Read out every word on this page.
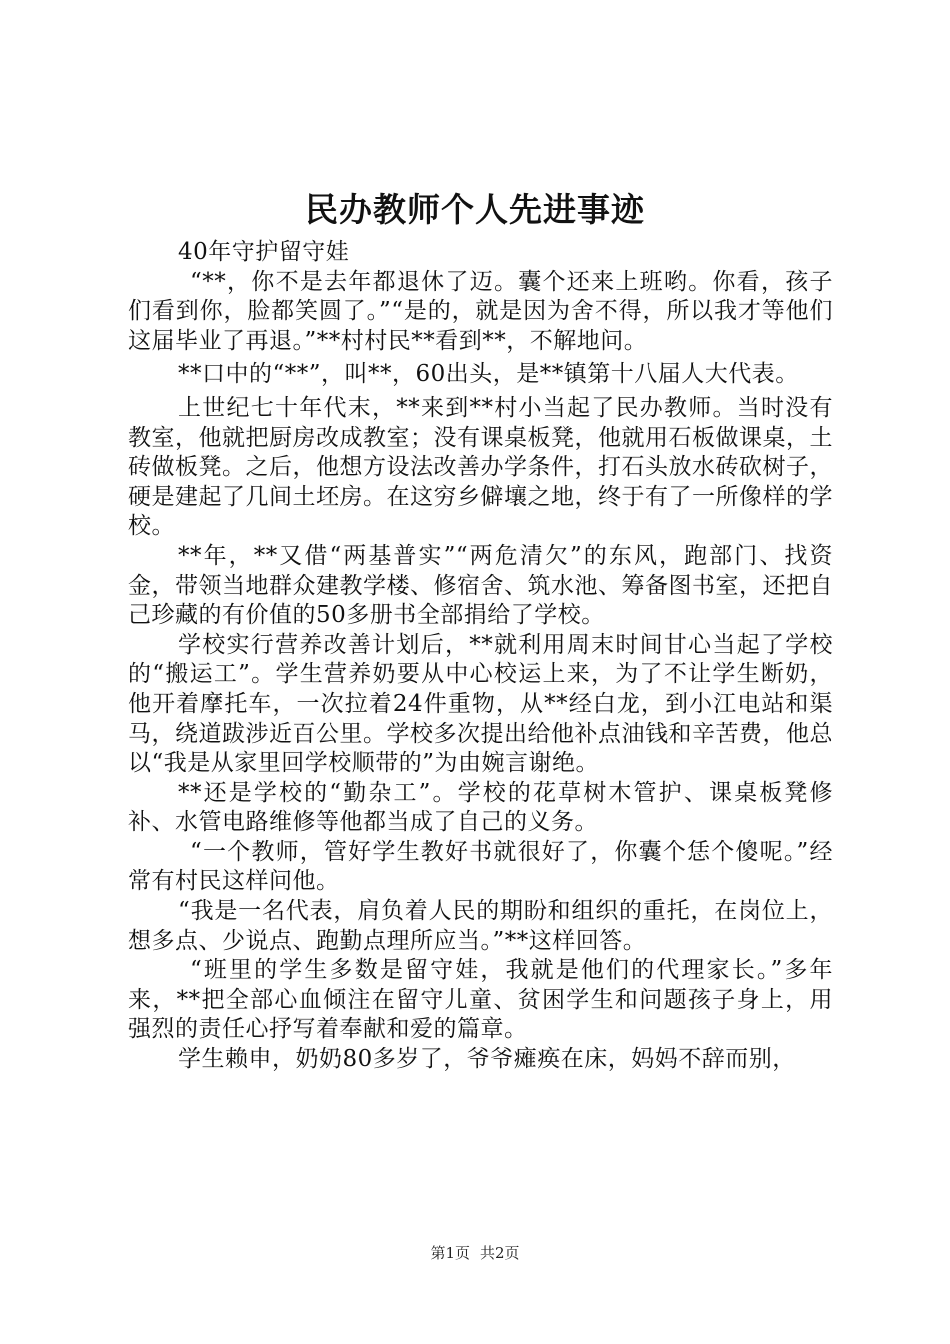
民办教师个人先进事迹

40年守护留守娃

“**，你不是去年都退休了迈。囊个还来上班哟。你看，孩子们看到你，脸都笑圆了。”“是的，就是因为舍不得，所以我才等他们这届毕业了再退。”**村村民**看到**，不解地问。

**口中的“**”，叫**，60出头，是**镇第十八届人大代表。

上世纪七十年代末，**来到**村小当起了民办教师。当时没有教室，他就把厨房改成教室；没有课桌板凳，他就用石板做课桌，土砖做板凳。之后，他想方设法改善办学条件，打石头放水砖砍树子，硬是建起了几间土坯房。在这穷乡僻壤之地，终于有了一所像样的学校。

**年，**又借“两基普实”“两危清欠”的东风，跑部门、找资金，带领当地群众建教学楼、修宿舍、筑水池、筹备图书室，还把自己珍藏的有价值的50多册书全部捐给了学校。

学校实行营养改善计划后，**就利用周末时间甘心当起了学校的“搬运工”。学生营养奶要从中心校运上来，为了不让学生断奶，他开着摩托车，一次拉着24件重物，从**经白龙，到小江电站和渠马，绕道跋涉近百公里。学校多次提出给他补点油钱和辛苦费，他总以“我是从家里回学校顺带的”为由婉言谢绝。

**还是学校的“勤杂工”。学校的花草树木管护、课桌板凳修补、水管电路维修等他都当成了自己的义务。

“一个教师，管好学生教好书就很好了，你囊个恁个傻呢。”经常有村民这样问他。

“我是一名代表，肩负着人民的期盼和组织的重托，在岗位上，想多点、少说点、跑勤点理所应当。”**这样回答。

“班里的学生多数是留守娃，我就是他们的代理家长。”多年来，**把全部心血倾注在留守儿童、贫困学生和问题孩子身上，用强烈的责任心抒写着奉献和爱的篇章。

学生赖申，奶奶80多岁了，爷爷瘫痪在床，妈妈不辞而别，

第1页 共2页
